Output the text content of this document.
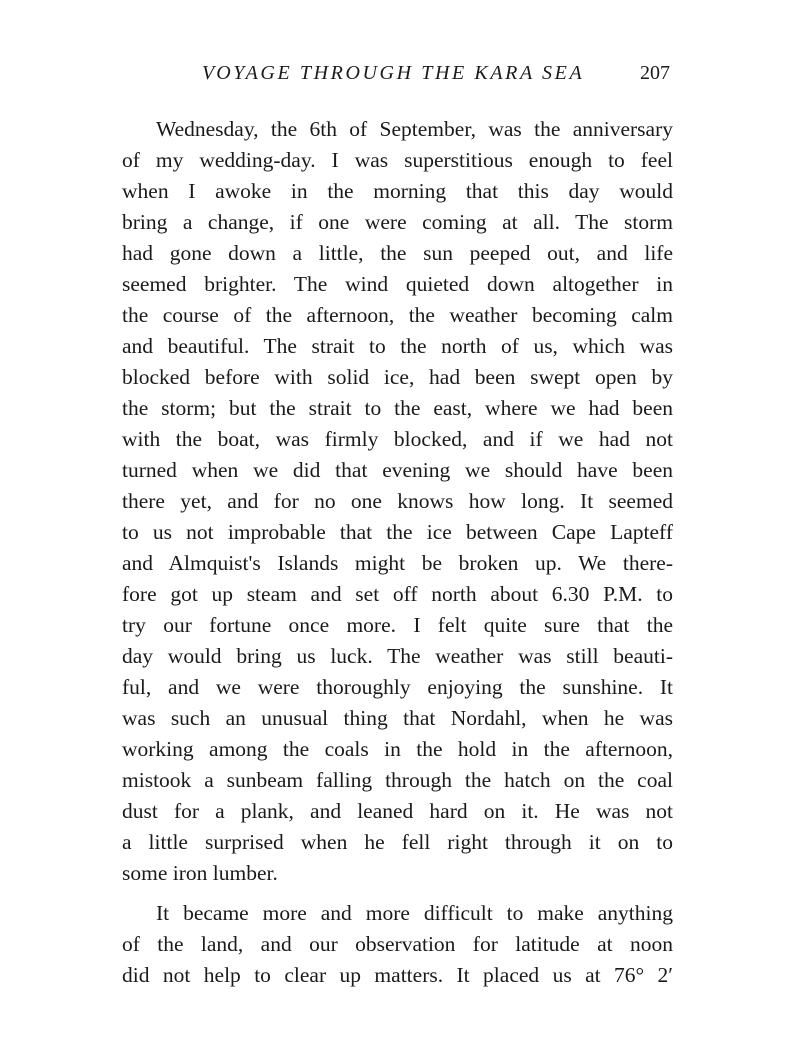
VOYAGE THROUGH THE KARA SEA	207
Wednesday, the 6th of September, was the anniversary
of my wedding-day. I was superstitious enough to feel
when I awoke in the morning that this day would
bring a change, if one were coming at all. The storm
had gone down a little, the sun peeped out, and life
seemed brighter. The wind quieted down altogether in
the course of the afternoon, the weather becoming calm
and beautiful. The strait to the north of us, which was
blocked before with solid ice, had been swept open by
the storm; but the strait to the east, where we had been
with the boat, was firmly blocked, and if we had not
turned when we did that evening we should have been
there yet, and for no one knows how long. It seemed
to us not improbable that the ice between Cape Lapteff
and Almquist's Islands might be broken up. We there-
fore got up steam and set off north about 6.30 P.M. to
try our fortune once more. I felt quite sure that the
day would bring us luck. The weather was still beauti-
ful, and we were thoroughly enjoying the sunshine. It
was such an unusual thing that Nordahl, when he was
working among the coals in the hold in the afternoon,
mistook a sunbeam falling through the hatch on the coal
dust for a plank, and leaned hard on it. He was not
a little surprised when he fell right through it on to
some iron lumber.
It became more and more difficult to make anything
of the land, and our observation for latitude at noon
did not help to clear up matters. It placed us at 76° 2′
